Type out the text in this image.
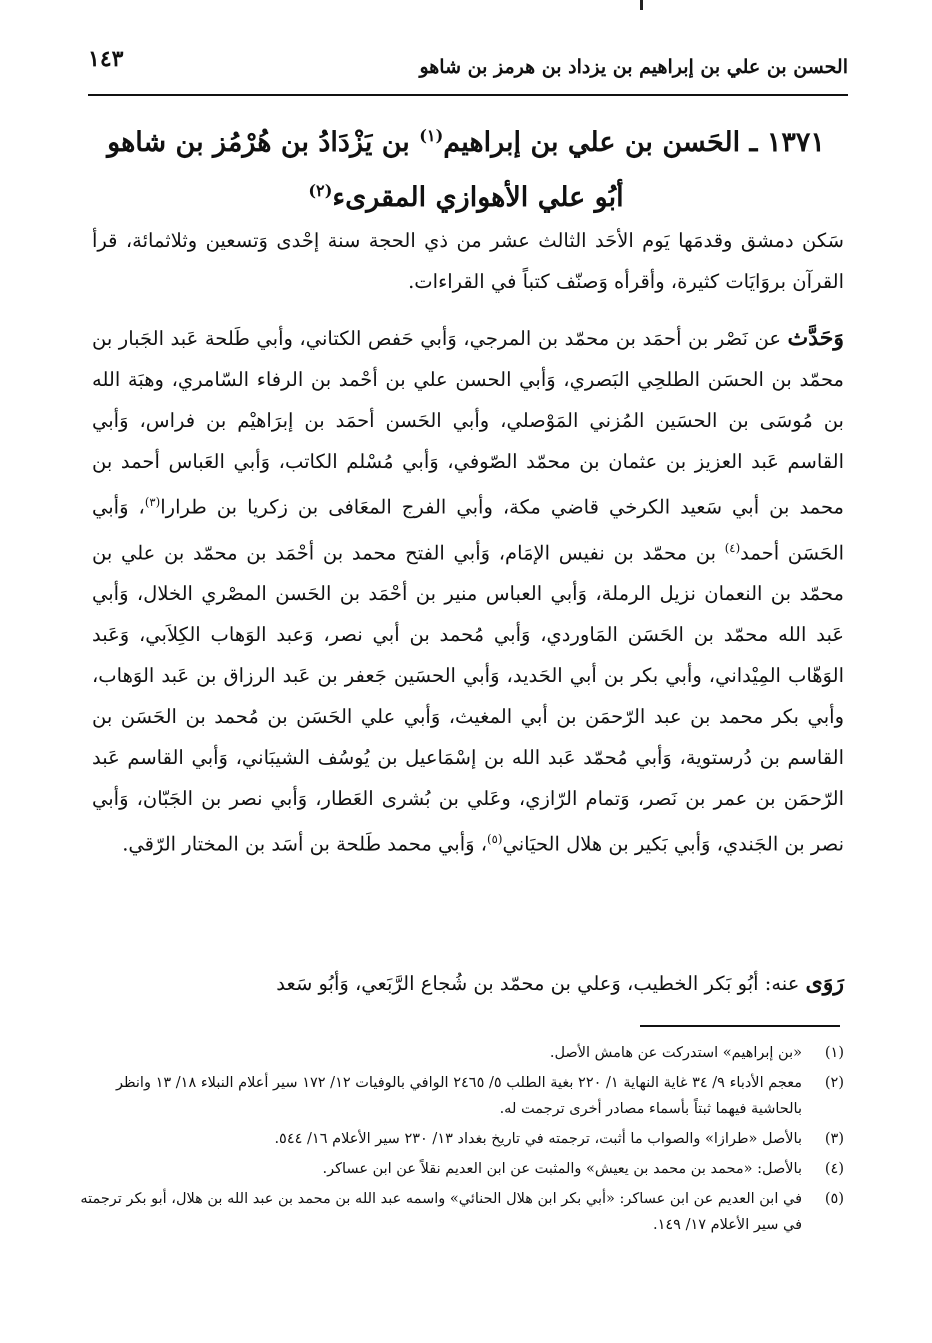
الحسن بن علي بن إبراهيم بن يزداد بن هرمز بن شاهو
١٤٣
١٣٧١ ـ الحَسن بن علي بن إبراهيم$^{(١)}$ بن يَزْدَادُ بن هُرْمُز بن شاهو
أبُو علي الأهوازي المقرىء$^{(٢)}$
سَكن دمشق وقدمَها يَوم الأحَد الثالث عشر من ذي الحجة سنة إحْدى وَتسعين وثلاثمائة، قرأ القرآن بروَايَات كثيرة، وأقرأه وَصنّف كتباً في القراءات.
وَحَدَّث عن نَصْر بن أحمَد بن محمّد بن المرجي، وَأبي حَفص الكتاني، وأبي طَلحة عَبد الجَبار بن محمّد بن الحسَن الطلحِي البَصري، وَأبي الحسن علي بن أحْمد بن الرفاء السّامري، وهبَة الله بن مُوسَى بن الحسَين المُزني المَوْصلي، وأبي الحَسن أحمَد بن إبرَاهيْم بن فراس، وَأبي القاسم عَبد العزيز بن عثمان بن محمّد الصّوفي، وَأبي مُسْلم الكاتب، وَأبي العَباس أحمد بن محمد بن أبي سَعيد الكرخي قاضي مكة، وأبي الفرج المعَافى بن زكريا بن طرارا$^{(٣)}$، وَأبي الحَسَن أحمد$^{(٤)}$ بن محمّد بن نفيس الإمَام، وَأبي الفتح محمد بن أحْمَد بن محمّد بن علي بن محمّد بن النعمان نزيل الرملة، وَأبي العباس منير بن أحْمَد بن الحَسن المصْري الخلال، وَأبي عَبد الله محمّد بن الحَسَن المَاوردي، وَأبي مُحمد بن أبي نصر، وَعبد الوَهاب الكِلاَبي، وَعَبد الوَهّاب المِيْداني، وأبي بكر بن أبي الحَديد، وَأبي الحسَين جَعفر بن عَبد الرزاق بن عَبد الوَهاب، وأبي بكر محمد بن عبد الرّحمَن بن أبي المغيث، وَأبي علي الحَسَن بن مُحمد بن الحَسَن بن القاسم بن دُرستوية، وَأبي مُحمّد عَبد الله بن إسْمَاعيل بن يُوسُف الشيبَاني، وَأبي القاسم عَبد الرّحمَن بن عمر بن نَصر، وَتمام الرّازي، وعَلي بن بُشرى العَطار، وَأبي نصر بن الجَبّان، وَأبي نصر بن الجَندي، وَأبي بَكير بن هلال الحيَاني$^{(٥)}$، وَأبي محمد طَلحة بن أسَد بن المختار الرّقي.
رَوَى عنه: أبُو بَكر الخطيب، وَعلي بن محمّد بن شُجاع الرَّبَعي، وَأبُو سَعد
(١)
«بن إبراهيم» استدركت عن هامش الأصل.
(٢)
معجم الأدباء ٩/ ٣٤ غاية النهاية ١/ ٢٢٠ بغية الطلب ٥/ ٢٤٦٥ الوافي بالوفيات ١٢/ ١٧٢ سير أعلام النبلاء ١٨/ ١٣ وانظر بالحاشية فيهما ثبتاً بأسماء مصادر أخرى ترجمت له.
(٣)
بالأصل «طرازا» والصواب ما أثبت، ترجمته في تاريخ بغداد ١٣/ ٢٣٠ سير الأعلام ١٦/ ٥٤٤.
(٤)
بالأصل: «محمد بن محمد بن يعيش» والمثبت عن ابن العديم نقلاً عن ابن عساكر.
(٥)
في ابن العديم عن ابن عساكر: «أبي بكر ابن هلال الحنائي» واسمه عبد الله بن محمد بن عبد الله بن هلال، أبو بكر ترجمته في سير الأعلام ١٧/ ١٤٩.
